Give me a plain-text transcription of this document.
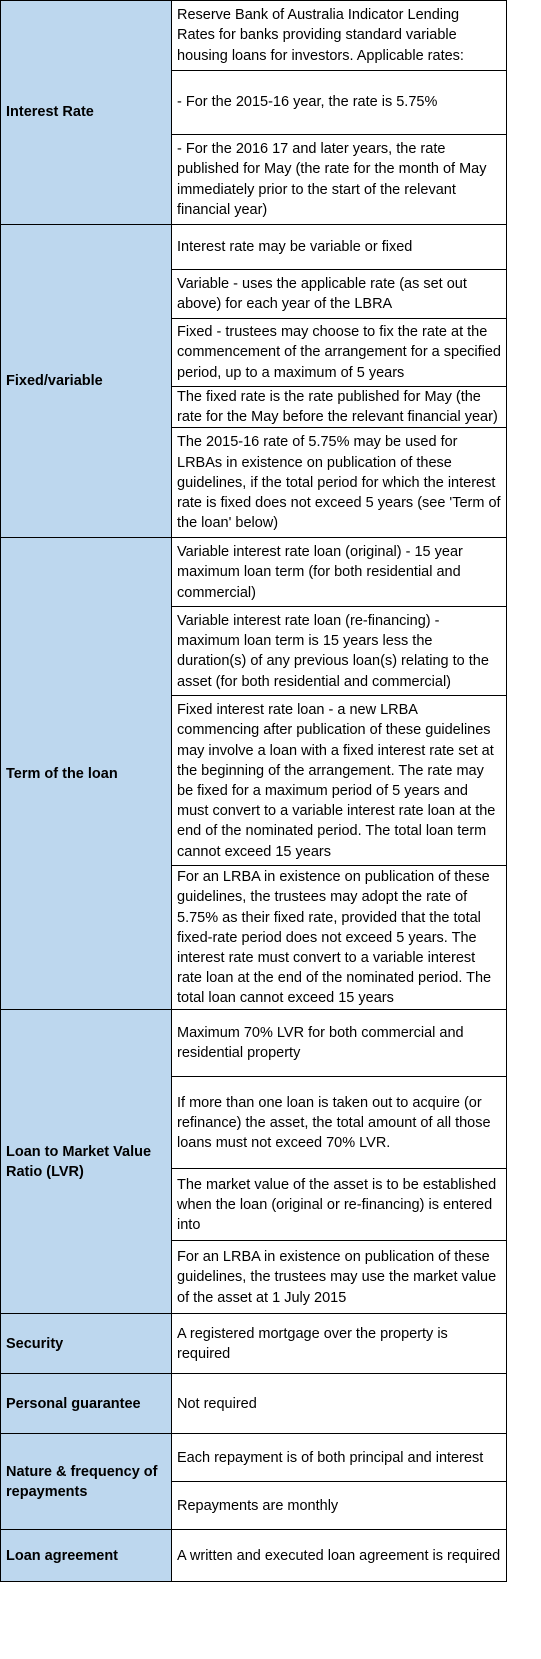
Interest Rate	Reserve Bank of Australia Indicator Lending Rates for banks providing standard variable housing loans for investors. Applicable rates:
	- For the 2015-16 year, the rate is 5.75%
	- For the 2016 17 and later years, the rate published for May (the rate for the month of May immediately prior to the start of the relevant financial year)
Fixed/variable	Interest rate may be variable or fixed
	Variable - uses the applicable rate (as set out above) for each year of the LBRA
	Fixed - trustees may choose to fix the rate at the commencement of the arrangement for a specified period, up to a maximum of 5 years
	The fixed rate is the rate published for May (the rate for the May before the relevant financial year)
	The 2015-16 rate of 5.75% may be used for LRBAs in existence on publication of these guidelines, if the total period for which the interest rate is fixed does not exceed 5 years (see 'Term of the loan' below)
Term of the loan	Variable interest rate loan (original) - 15 year maximum loan term (for both residential and commercial)
	Variable interest rate loan (re-financing) - maximum loan term is 15 years less the duration(s) of any previous loan(s) relating to the asset (for both residential and commercial)
	Fixed interest rate loan - a new LRBA commencing after publication of these guidelines may involve a loan with a fixed interest rate set at the beginning of the arrangement. The rate may be fixed for a maximum period of 5 years and must convert to a variable interest rate loan at the end of the nominated period. The total loan term cannot exceed 15 years
	For an LRBA in existence on publication of these guidelines, the trustees may adopt the rate of 5.75% as their fixed rate, provided that the total fixed-rate period does not exceed 5 years. The interest rate must convert to a variable interest rate loan at the end of the nominated period. The total loan cannot exceed 15 years
Loan to Market Value Ratio (LVR)	Maximum 70% LVR for both commercial and residential property
	If more than one loan is taken out to acquire (or refinance) the asset, the total amount of all those loans must not exceed 70% LVR.
	The market value of the asset is to be established when the loan (original or re-financing) is entered into
	For an LRBA in existence on publication of these guidelines, the trustees may use the market value of the asset at 1 July 2015
Security	A registered mortgage over the property is required
Personal guarantee	Not required
Nature & frequency of repayments	Each repayment is of both principal and interest
	Repayments are monthly
Loan agreement	A written and executed loan agreement is required
